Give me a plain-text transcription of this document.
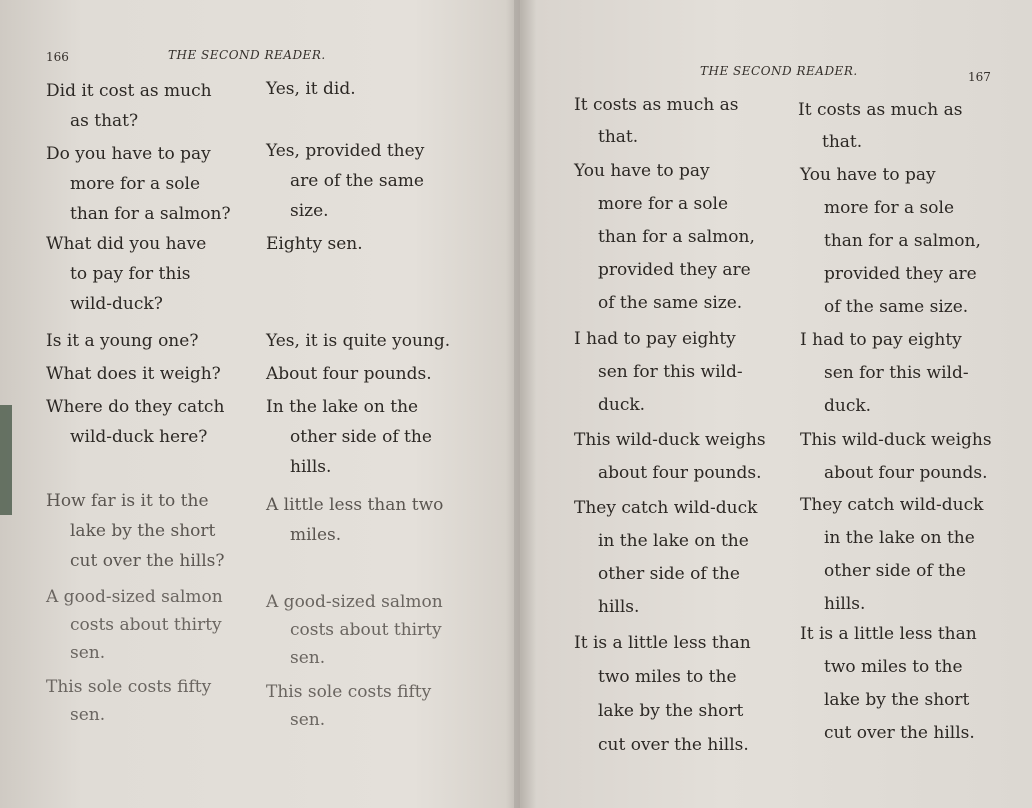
166	THE SECOND READER.
Did it cost as much
as that?
Do you have to pay
more for a sole
than for a salmon?
What did you have
to pay for this
wild-duck?
Is it a young one?
What does it weigh?
Where do they catch
wild-duck here?
How far is it to the
lake by the short
cut over the hills?
A good-sized salmon
costs about thirty
sen.
This sole costs fifty
sen.
Yes, it did.
Yes, provided they
are of the same
size.
Eighty sen.
Yes, it is quite young.
About four pounds.
In the lake on the
other side of the
hills.
A little less than two
miles.
A good-sized salmon
costs about thirty
sen.
This sole costs fifty
sen.
THE SECOND READER.	167
It costs as much as
that.
You have to pay
more for a sole
than for a salmon,
provided they are
of the same size.
I had to pay eighty
sen for this wild-
duck.
This wild-duck weighs
about four pounds.
They catch wild-duck
in the lake on the
other side of the
hills.
It is a little less than
two miles to the
lake by the short
cut over the hills.
It costs as much as
that.
You have to pay
more for a sole
than for a salmon,
provided they are
of the same size.
I had to pay eighty
sen for this wild-
duck.
This wild-duck weighs
about four pounds.
They catch wild-duck
in the lake on the
other side of the
hills.
It is a little less than
two miles to the
lake by the short
cut over the hills.
